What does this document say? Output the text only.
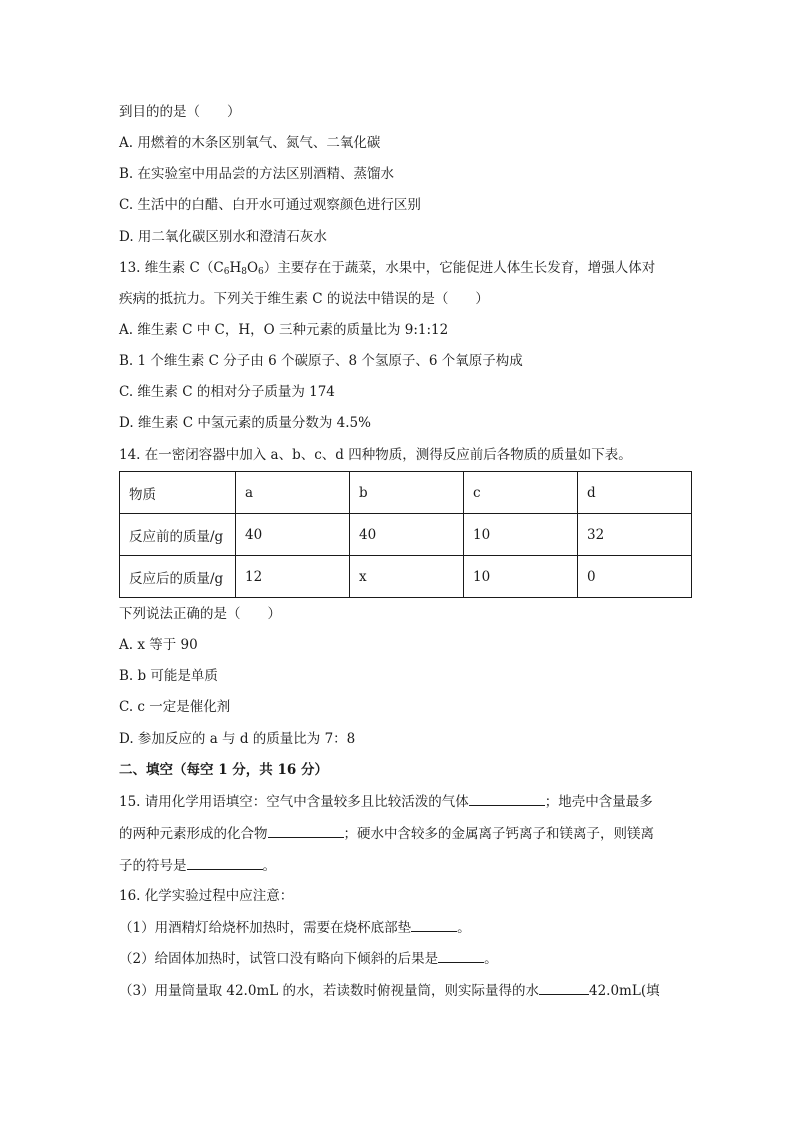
到目的的是（　　）
A. 用燃着的木条区别氧气、氮气、二氧化碳
B. 在实验室中用品尝的方法区别酒精、蒸馏水
C. 生活中的白醋、白开水可通过观察颜色进行区别
D. 用二氧化碳区别水和澄清石灰水
13. 维生素 $C(C_6H_8O_6)$主要存在于蔬菜，水果中，它能促进人体生长发育，增强人体对
疾病的抵抗力。下列关于维生素 C 的说法中错误的是（　　）
A. 维生素 C 中 C，H，O 三种元素的质量比为 9:1:12
B. 1 个维生素 C 分子由 6 个碳原子、8 个氢原子、6 个氧原子构成
C. 维生素 C 的相对分子质量为 174
D. 维生素 C 中氢元素的质量分数为 4.5%
14. 在一密闭容器中加入 a、b、c、d 四种物质，测得反应前后各物质的质量如下表。
物质	a	b	c	d
反应前的质量/g	40	40	10	32
反应后的质量/g	12	x	10	0
下列说法正确的是（　　）
A. x 等于 90
B. b 可能是单质
C. c 一定是催化剂
D. 参加反应的 a 与 d 的质量比为 7：8
二、填空（每空 1 分，共 16 分）
15. 请用化学用语填空：空气中含量较多且比较活泼的气体	；地壳中含量最多
的两种元素形成的化合物	；硬水中含较多的金属离子钙离子和镁离子，则镁离
子的符号是	。
16. 化学实验过程中应注意：
（1）用酒精灯给烧杯加热时，需要在烧杯底部垫	。
（2）给固体加热时，试管口没有略向下倾斜的后果是	。
（3）用量筒量取 42.0mL 的水，若读数时俯视量筒，则实际量得的水	42.0mL(填
